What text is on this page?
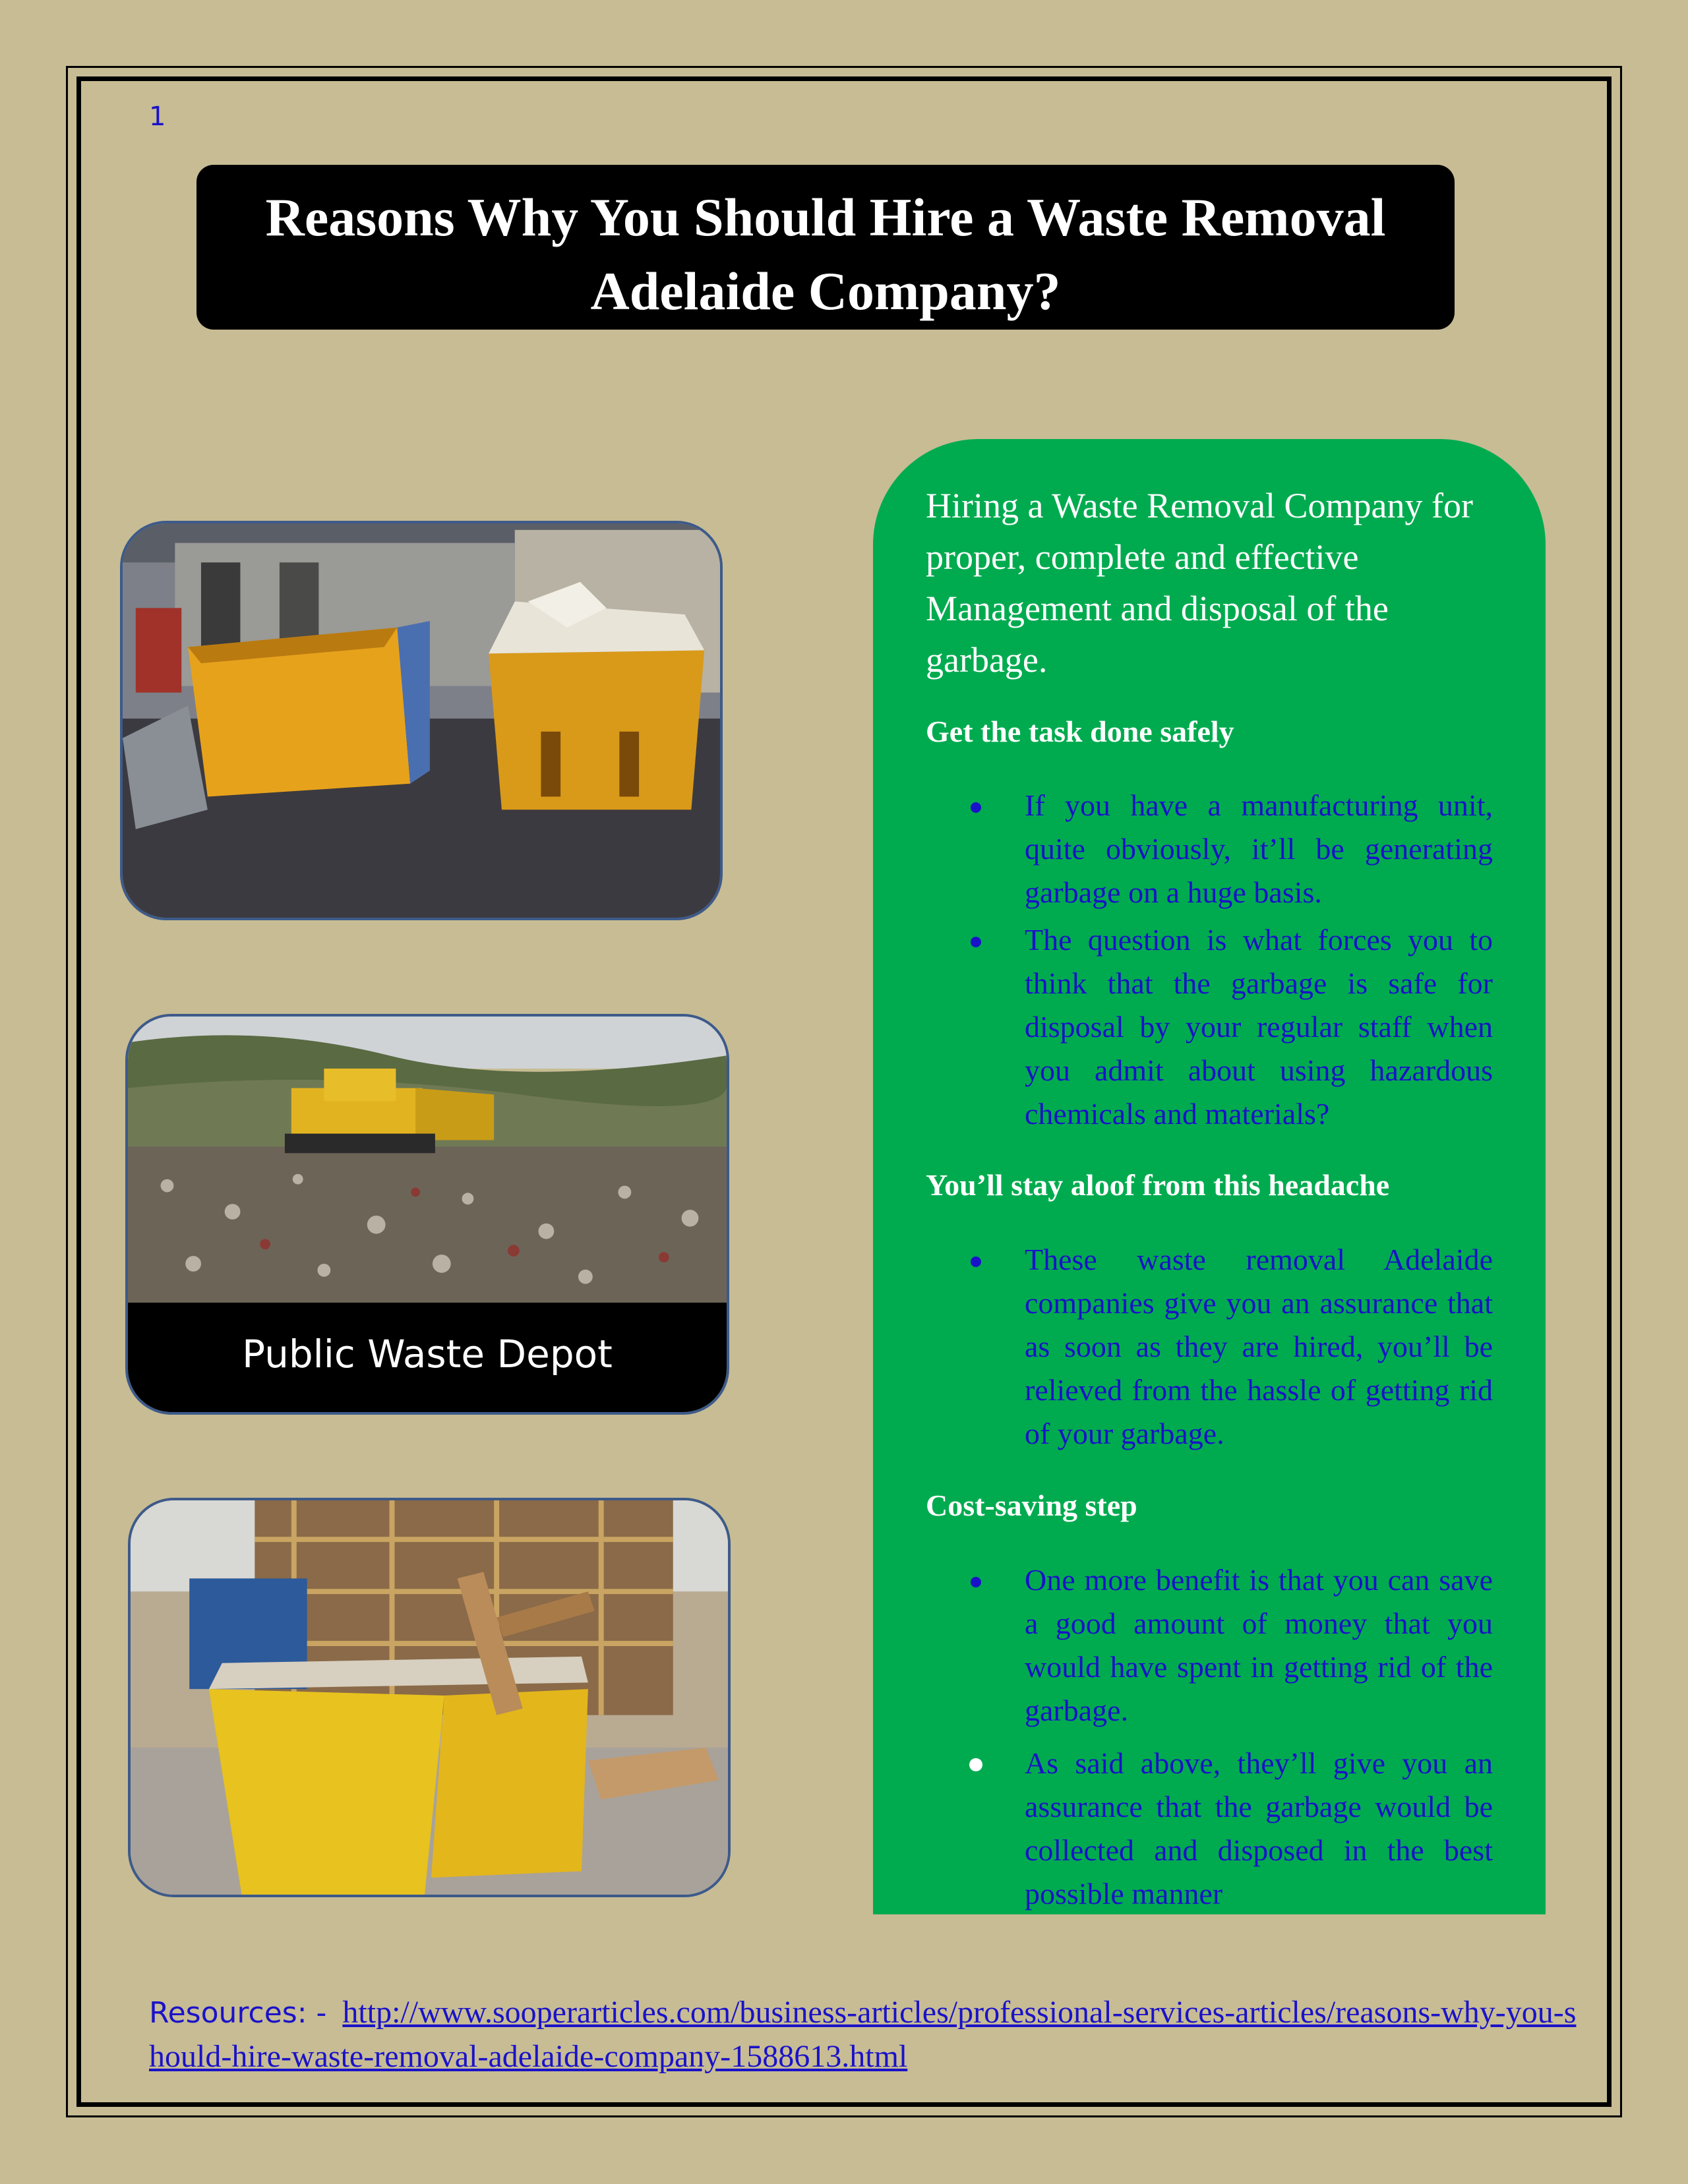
1
Reasons Why You Should Hire a Waste Removal Adelaide Company?
Public Waste Depot

Hiring a Waste Removal Company for proper, complete and effective Management and disposal of the garbage.

Get the task done safely
If you have a manufacturing unit, quite obviously, it’ll be generating garbage on a huge basis.
The question is what forces you to think that the garbage is safe for disposal by your regular staff when you admit about using hazardous chemicals and materials?
You’ll stay aloof from this headache
These waste removal Adelaide companies give you an assurance that as soon as they are hired, you’ll be relieved from the hassle of getting rid of your garbage.
Cost-saving step
One more benefit is that you can save a good amount of money that you would have spent in getting rid of the garbage.
As said above, they’ll give you an assurance that the garbage would be collected and disposed in the best possible manner

Resources: - http://www.sooperarticles.com/business-articles/professional-services-articles/reasons-why-you-should-hire-waste-removal-adelaide-company-1588613.html
